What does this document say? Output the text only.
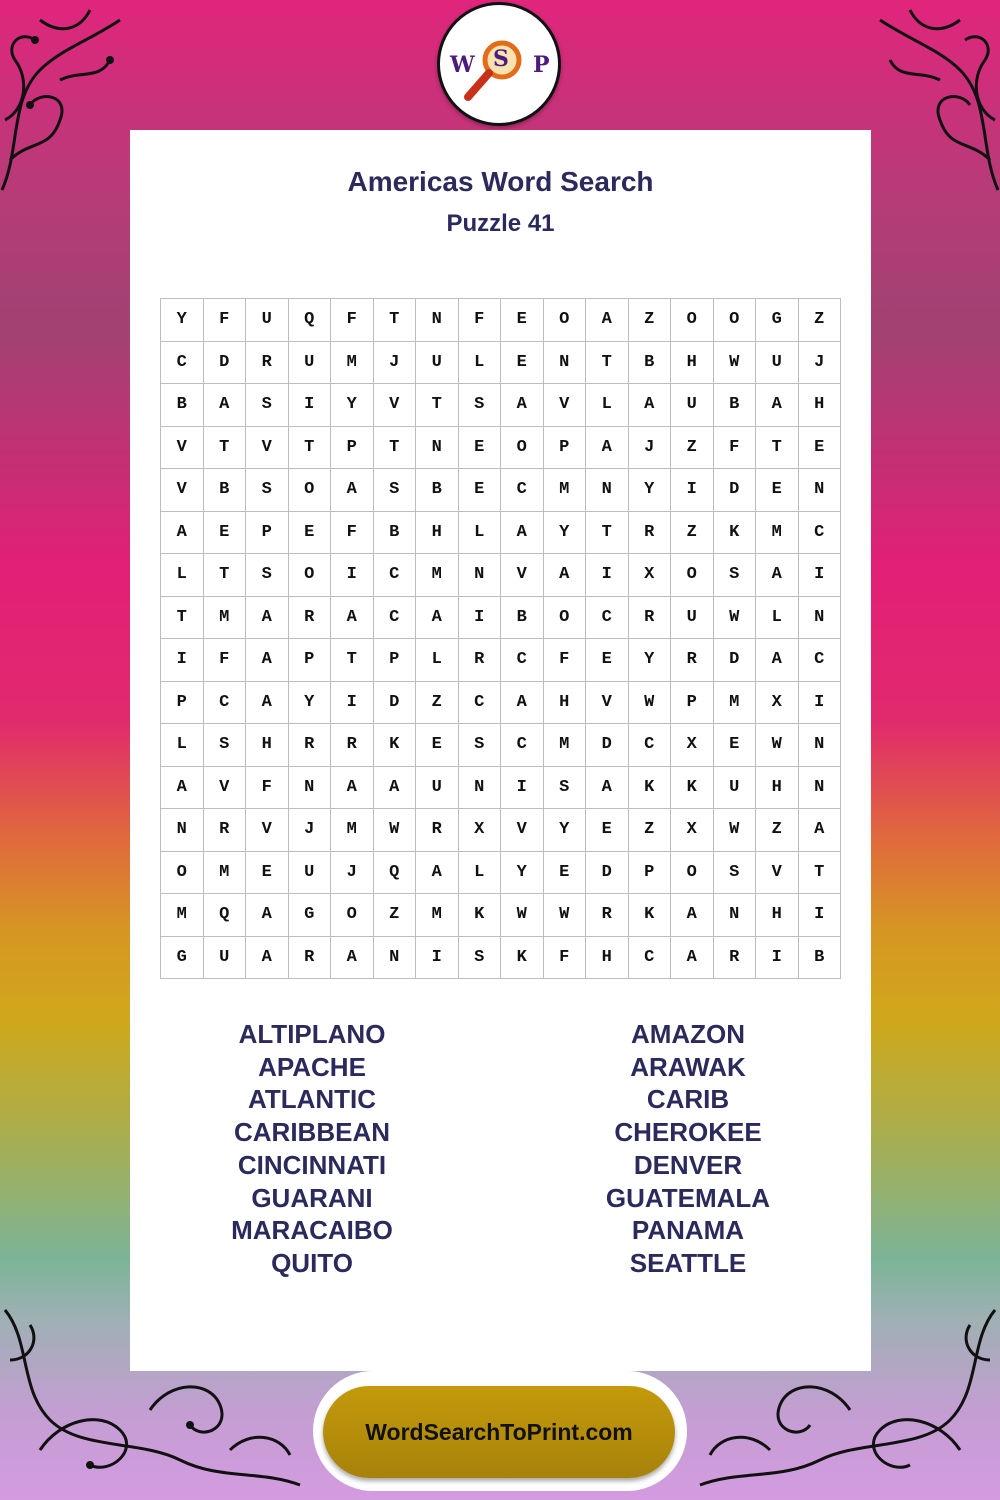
W S P
Americas Word Search
Puzzle 41
Y	F	U	Q	F	T	N	F	E	O	A	Z	O	O	G	Z
C	D	R	U	M	J	U	L	E	N	T	B	H	W	U	J
B	A	S	I	Y	V	T	S	A	V	L	A	U	B	A	H
V	T	V	T	P	T	N	E	O	P	A	J	Z	F	T	E
V	B	S	O	A	S	B	E	C	M	N	Y	I	D	E	N
A	E	P	E	F	B	H	L	A	Y	T	R	Z	K	M	C
L	T	S	O	I	C	M	N	V	A	I	X	O	S	A	I
T	M	A	R	A	C	A	I	B	O	C	R	U	W	L	N
I	F	A	P	T	P	L	R	C	F	E	Y	R	D	A	C
P	C	A	Y	I	D	Z	C	A	H	V	W	P	M	X	I
L	S	H	R	R	K	E	S	C	M	D	C	X	E	W	N
A	V	F	N	A	A	U	N	I	S	A	K	K	U	H	N
N	R	V	J	M	W	R	X	V	Y	E	Z	X	W	Z	A
O	M	E	U	J	Q	A	L	Y	E	D	P	O	S	V	T
M	Q	A	G	O	Z	M	K	W	W	R	K	A	N	H	I
G	U	A	R	A	N	I	S	K	F	H	C	A	R	I	B
ALTIPLANO
APACHE
ATLANTIC
CARIBBEAN
CINCINNATI
GUARANI
MARACAIBO
QUITO
AMAZON
ARAWAK
CARIB
CHEROKEE
DENVER
GUATEMALA
PANAMA
SEATTLE
WordSearchToPrint.com
